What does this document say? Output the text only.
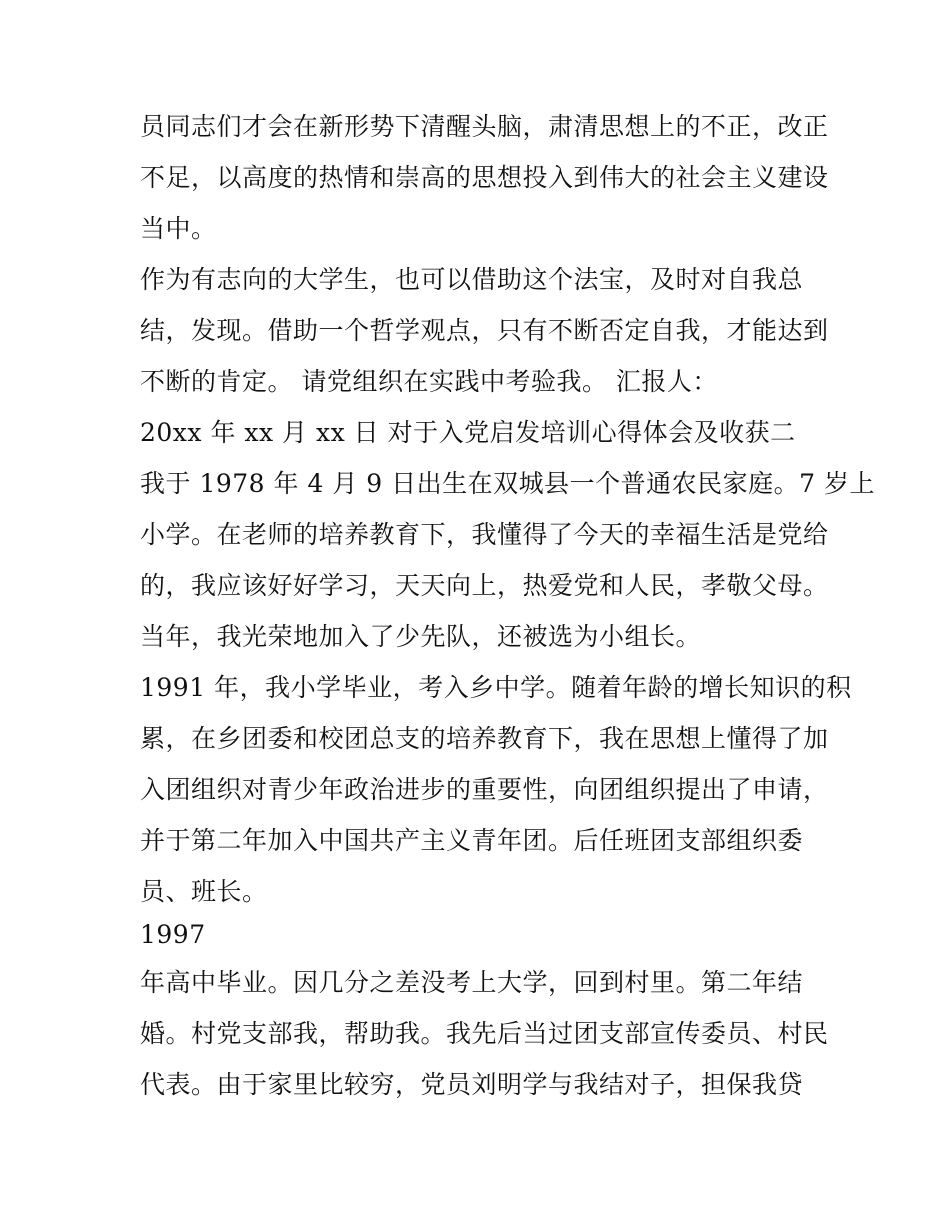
员同志们才会在新形势下清醒头脑，肃清思想上的不正，改正
不足，以高度的热情和崇高的思想投入到伟大的社会主义建设
当中。
作为有志向的大学生，也可以借助这个法宝，及时对自我总
结，发现。借助一个哲学观点，只有不断否定自我，才能达到
不断的肯定。 请党组织在实践中考验我。 汇报人：
20xx 年 xx 月 xx 日 对于入党启发培训心得体会及收获二
我于 1978 年 4 月 9 日出生在双城县一个普通农民家庭。7 岁上
小学。在老师的培养教育下，我懂得了今天的幸福生活是党给
的，我应该好好学习，天天向上，热爱党和人民，孝敬父母。
当年，我光荣地加入了少先队，还被选为小组长。
1991 年，我小学毕业，考入乡中学。随着年龄的增长知识的积
累，在乡团委和校团总支的培养教育下，我在思想上懂得了加
入团组织对青少年政治进步的重要性，向团组织提出了申请，
并于第二年加入中国共产主义青年团。后任班团支部组织委
员、班长。
1997
年高中毕业。因几分之差没考上大学，回到村里。第二年结
婚。村党支部我，帮助我。我先后当过团支部宣传委员、村民
代表。由于家里比较穷，党员刘明学与我结对子，担保我贷
